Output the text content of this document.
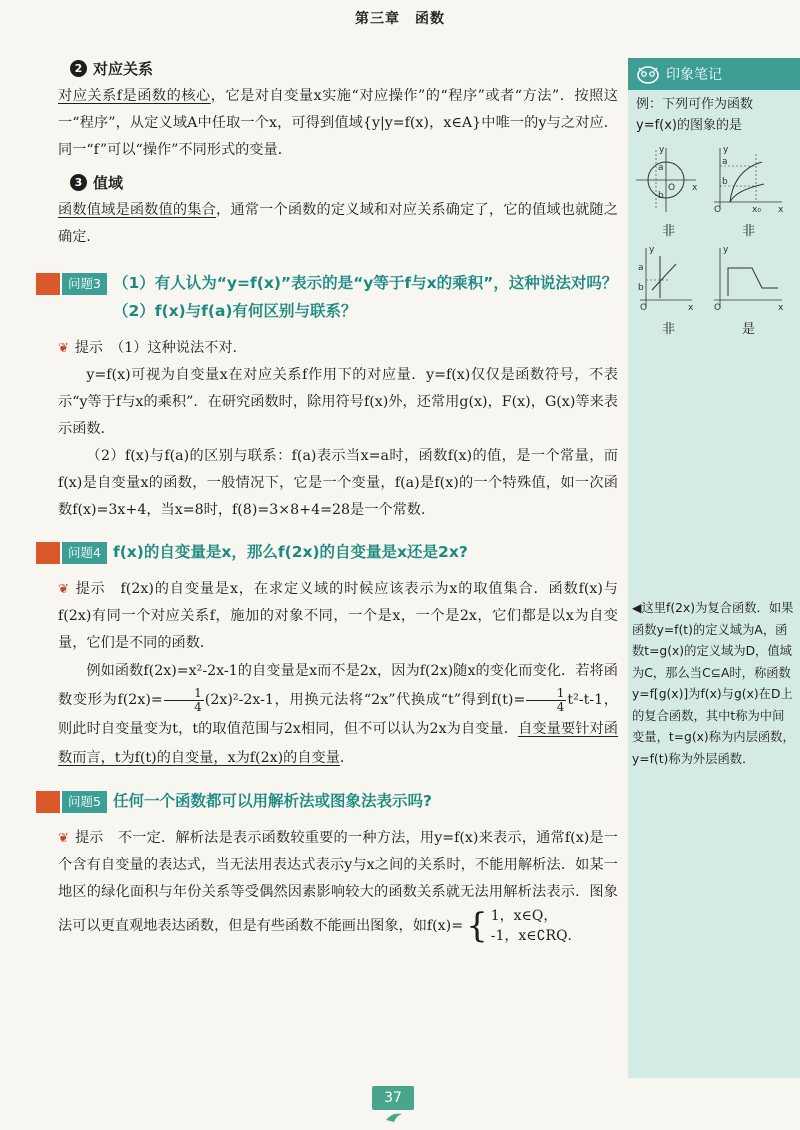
第三章　函数
2 对应关系

对应关系f是函数的核心，它是对自变量x实施“对应操作”的“程序”或者“方法”．按照这一“程序”，从定义域A中任取一个x，可得到值域{y|y=f(x)，x∈A}中唯一的y与之对应．同一“f”可以“操作”不同形式的变量．

3 值域

函数值域是函数值的集合，通常一个函数的定义域和对应关系确定了，它的值域也就随之确定．

问题3 （1）有人认为“y=f(x)”表示的是“y等于f与x的乘积”，这种说法对吗？（2）f(x)与f(a)有何区别与联系？

❦ 提示　 （1）这种说法不对．

y=f(x)可视为自变量x在对应关系f作用下的对应量．y=f(x)仅仅是函数符号，不表示“y等于f与x的乘积”．在研究函数时，除用符号f(x)外，还常用g(x)，F(x)，G(x)等来表示函数．

（2）f(x)与f(a)的区别与联系：f(a)表示当x=a时，函数f(x)的值，是一个常量，而f(x)是自变量x的函数，一般情况下，它是一个变量，f(a)是f(x)的一个特殊值，如一次函数f(x)=3x+4，当x=8时，f(8)=3×8+4=28是一个常数．

问题4 f(x)的自变量是x，那么f(2x)的自变量是x还是2x?

❦ 提示　 f(2x)的自变量是x，在求定义域的时候应该表示为x的取值集合．函数f(x)与f(2x)有同一个对应关系f，施加的对象不同，一个是x，一个是2x，它们都是以x为自变量，它们是不同的函数．

例如函数f(2x)=x²-2x-1的自变量是x而不是2x，因为f(2x)随x的变化而变化．若将函数变形为$f(2x)= \frac{1}{4} (2x)^2-2x-1$，用换元法将“2x”代换成“t”得到$f(t)= \frac{1}{4} t^2-t-1$，则此时自变量变为t，t的取值范围与2x相同，但不可以认为2x为自变量．自变量要针对函数而言，t为f(t)的自变量，x为f(2x)的自变量．

问题5 任何一个函数都可以用解析法或图象法表示吗?

❦ 提示　 不一定．解析法是表示函数较重要的一种方法，用y=f(x)来表示，通常f(x)是一个含有自变量的表达式，当无法用表达式表示y与x之间的关系时，不能用解析法．如某一地区的绿化面积与年份关系等受偶然因素影响较大的函数关系就无法用解析法表示．图象法可以更直观地表达函数，但是有些函数不能画出图象，如f(x)= { 1，x∈Q，
-1，x∈∁RQ．

印象笔记
例：下列可作为函数y=f(x)的图象的是
y
x
O
a
b
y
x
O
a
b
x₀
y
x
O
a
b
y
x
O
非	非
非	是
◀这里f(2x)为复合函数．如果函数y=f(t)的定义域为A，函数t=g(x)的定义域为D，值域为C，那么当C⊆A时，称函数y=f[g(x)]为f(x)与g(x)在D上的复合函数，其中t称为中间变量，t=g(x)称为内层函数，y=f(t)称为外层函数．
37
